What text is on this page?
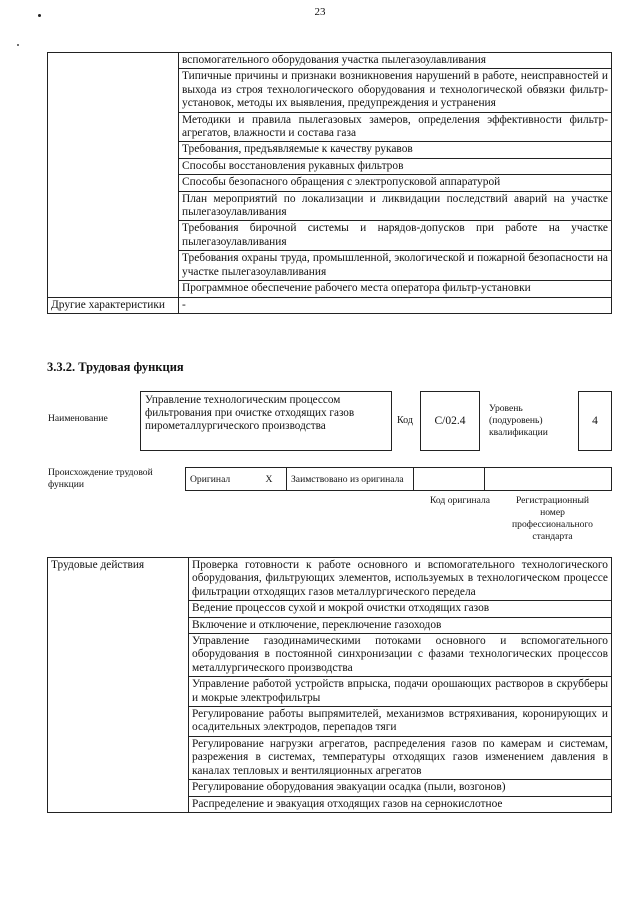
23
	вспомогательного оборудования участка пылегазоулавливания
	Типичные причины и признаки возникновения нарушений в работе, неисправностей и выхода из строя технологического оборудования и технологической обвязки фильтр-установок, методы их выявления, предупреждения и устранения
	Методики и правила пылегазовых замеров, определения эффективности фильтр-агрегатов, влажности и состава газа
	Требования, предъявляемые к качеству рукавов
	Способы восстановления рукавных фильтров
	Способы безопасного обращения с электропусковой аппаратурой
	План мероприятий по локализации и ликвидации последствий аварий на участке пылегазоулавливания
	Требования бирочной системы и нарядов-допусков при работе на участке пылегазоулавливания
	Требования охраны труда, промышленной, экологической и пожарной безопасности на участке пылегазоулавливания
	Программное обеспечение рабочего места оператора фильтр-установки
Другие характеристики	-
3.3.2. Трудовая функция
Наименование
Управление технологическим процессом фильтрования при очистке отходящих газов пирометаллургического производства	Код	C/02.4
Уровень (подуровень) квалификации
4
Происхождение трудовой функции	Оригинал	X	Заимствовано из оригинала		
Код оригинала	Регистрационный номер профессионального стандарта
Трудовые действия	Проверка готовности к работе основного и вспомогательного технологического оборудования, фильтрующих элементов, используемых в технологическом процессе фильтрации отходящих газов металлургического передела
Ведение процессов сухой и мокрой очистки отходящих газов
Включение и отключение, переключение газоходов
Управление газодинамическими потоками основного и вспомогательного оборудования в постоянной синхронизации с фазами технологических процессов металлургического производства
Управление работой устройств впрыска, подачи орошающих растворов в скрубберы и мокрые электрофильтры
Регулирование работы выпрямителей, механизмов встряхивания, коронирующих и осадительных электродов, перепадов тяги
Регулирование нагрузки агрегатов, распределения газов по камерам и системам, разрежения в системах, температуры отходящих газов изменением давления в каналах тепловых и вентиляционных агрегатов
Регулирование оборудования эвакуации осадка (пыли, возгонов)
Распределение и эвакуация отходящих газов на сернокислотное
